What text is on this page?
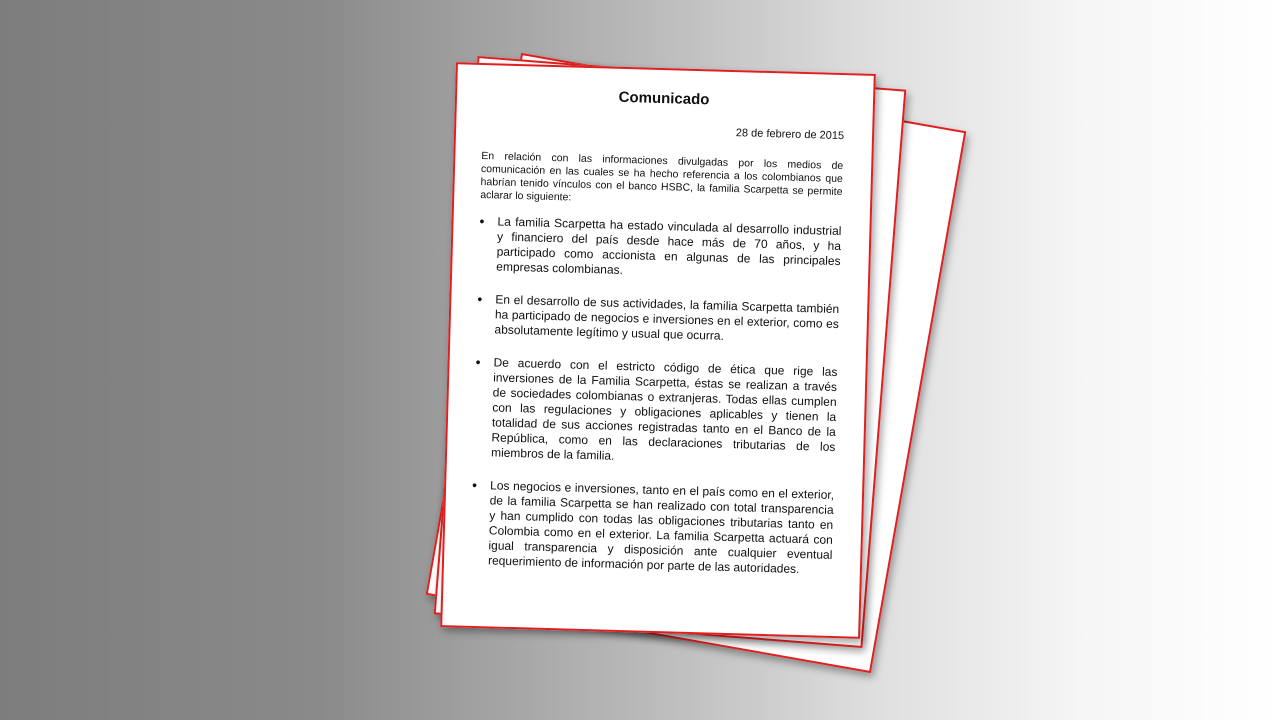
Comunicado
28 de febrero de 2015

En relación con las informaciones divulgadas por los medios de comunicación en las cuales se ha hecho referencia a los colombianos que habrían tenido vínculos con el banco HSBC, la familia Scarpetta se permite aclarar lo siguiente:

•	La familia Scarpetta ha estado vinculada al desarrollo industrial y financiero del país desde hace más de 70 años, y ha participado como accionista en algunas de las principales empresas colombianas.
•	En el desarrollo de sus actividades, la familia Scarpetta también ha participado de negocios e inversiones en el exterior, como es absolutamente legítimo y usual que ocurra.
•	De acuerdo con el estricto código de ética que rige las inversiones de la Familia Scarpetta, éstas se realizan a través de sociedades colombianas o extranjeras. Todas ellas cumplen con las regulaciones y obligaciones aplicables y tienen la totalidad de sus acciones registradas tanto en el Banco de la República, como en las declaraciones tributarias de los miembros de la familia.
•	Los negocios e inversiones, tanto en el país como en el exterior, de la familia Scarpetta se han realizado con total transparencia y han cumplido con todas las obligaciones tributarias tanto en Colombia como en el exterior. La familia Scarpetta actuará con igual transparencia y disposición ante cualquier eventual requerimiento de información por parte de las autoridades.
